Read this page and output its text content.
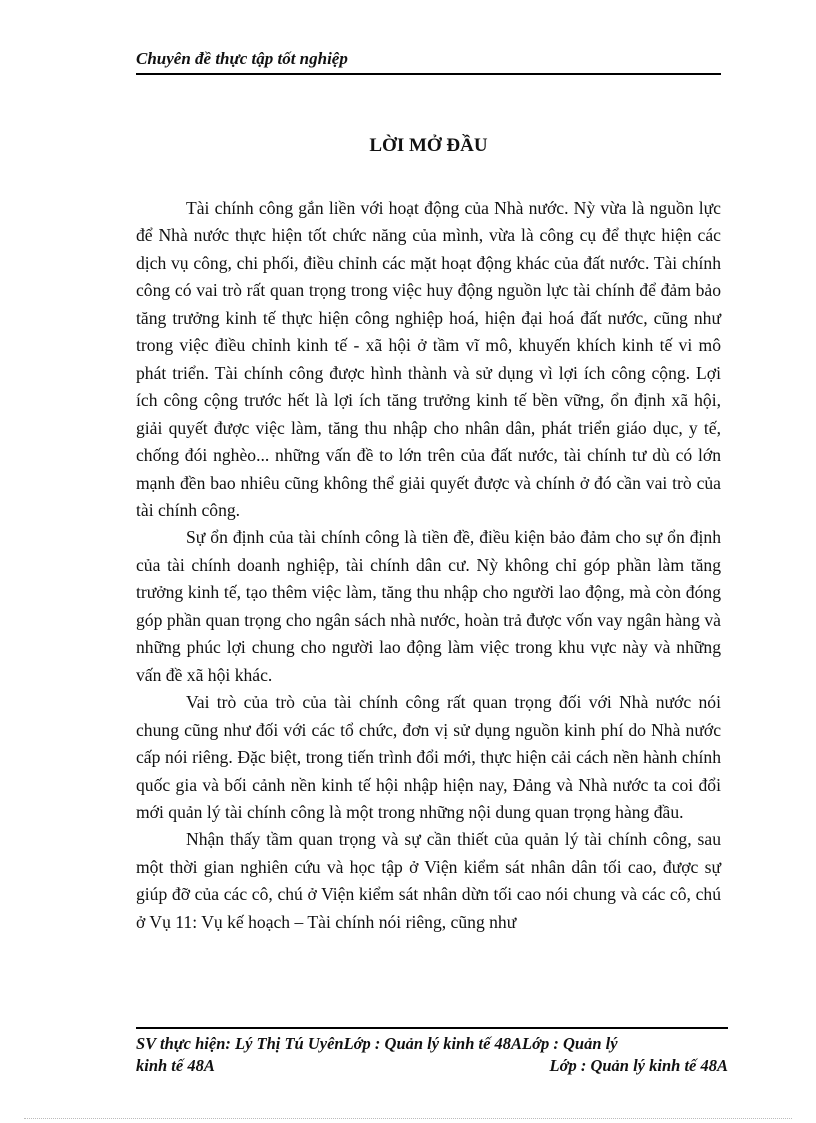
Chuyên đề thực tập tốt nghiệp
LỜI MỞ ĐẦU

Tài chính công gắn liền với hoạt động của Nhà nước. Nỳ vừa là nguồn lực để Nhà nước thực hiện tốt chức năng của mình, vừa là công cụ để thực hiện các dịch vụ công, chi phối, điều chỉnh các mặt hoạt động khác của đất nước. Tài chính công có vai trò rất quan trọng trong việc huy động nguồn lực tài chính để đảm bảo tăng trưởng kinh tế thực hiện công nghiệp hoá, hiện đại hoá đất nước, cũng như trong việc điều chỉnh kinh tế - xã hội ở tầm vĩ mô, khuyến khích kinh tế vi mô phát triển. Tài chính công được hình thành và sử dụng vì lợi ích công cộng. Lợi ích công cộng trước hết là lợi ích tăng trưởng kinh tế bền vững, ổn định xã hội, giải quyết được việc làm, tăng thu nhập cho nhân dân, phát triển giáo dục, y tế, chống đói nghèo... những vấn đề to lớn trên của đất nước, tài chính tư dù có lớn mạnh đền bao nhiêu cũng không thể giải quyết được và chính ở đó cần vai trò của tài chính công.

Sự ổn định của tài chính công là tiền đề, điều kiện bảo đảm cho sự ổn định của tài chính doanh nghiệp, tài chính dân cư. Nỳ không chỉ góp phần làm tăng trưởng kinh tế, tạo thêm việc làm, tăng thu nhập cho người lao động, mà còn đóng góp phần quan trọng cho ngân sách nhà nước, hoàn trả được vốn vay ngân hàng và những phúc lợi chung cho người lao động làm việc trong khu vực này và những vấn đề xã hội khác.

Vai trò của trò của tài chính công rất quan trọng đối với Nhà nước nói chung cũng như đối với các tổ chức, đơn vị sử dụng nguồn kinh phí do Nhà nước cấp nói riêng. Đặc biệt, trong tiến trình đổi mới, thực hiện cải cách nền hành chính quốc gia và bối cảnh nền kinh tế hội nhập hiện nay, Đảng và Nhà nước ta coi đổi mới quản lý tài chính công là một trong những nội dung quan trọng hàng đầu.

Nhận thấy tầm quan trọng và sự cần thiết của quản lý tài chính công, sau một thời gian nghiên cứu và học tập ở Viện kiểm sát nhân dân tối cao, được sự giúp đỡ của các cô, chú ở Viện kiểm sát nhân dừn tối cao nói chung và các cô, chú ở Vụ 11: Vụ kế hoạch – Tài chính nói riêng, cũng như

SV thực hiện: Lý Thị Tú UyênLớp : Quản lý kinh tế 48ALớp : Quản lý
kinh tế 48A	Lớp : Quản lý kinh tế 48A
